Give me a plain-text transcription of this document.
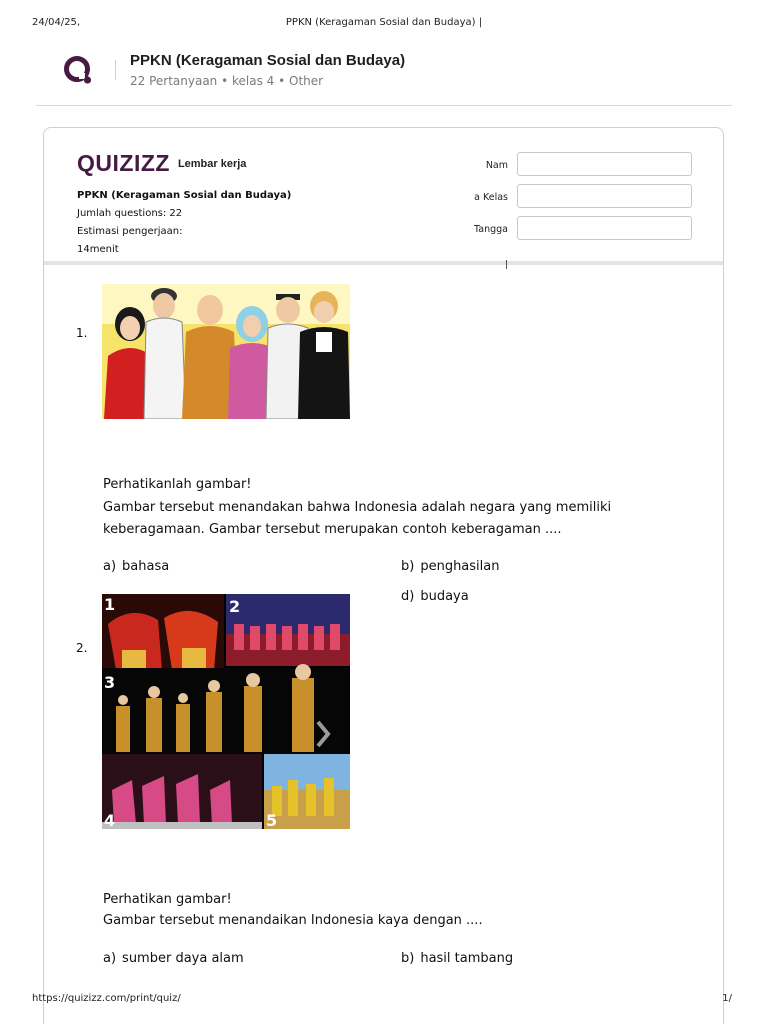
24/04/25,	PPKN (Keragaman Sosial dan Budaya) |
PPKN (Keragaman Sosial dan Budaya)
22 Pertanyaan • kelas 4 • Other
QUIZIZZ Lembar kerja
PPKN (Keragaman Sosial dan Budaya)
Jumlah questions: 22
Estimasi pengerjaan:
14menit
Nam
a Kelas
Tangga
1.
Perhatikanlah gambar!
Gambar tersebut menandakan bahwa Indonesia adalah negara yang memiliki
keberagamaan. Gambar tersebut merupakan contoh keberagaman ....
a) bahasa	b) penghasilan
d) budaya
2.
1	2
3
4	5
Perhatikan gambar!
Gambar tersebut menandaikan Indonesia kaya dengan ....
a) sumber daya alam	b) hasil tambang
https://quizizz.com/print/quiz/	1/
